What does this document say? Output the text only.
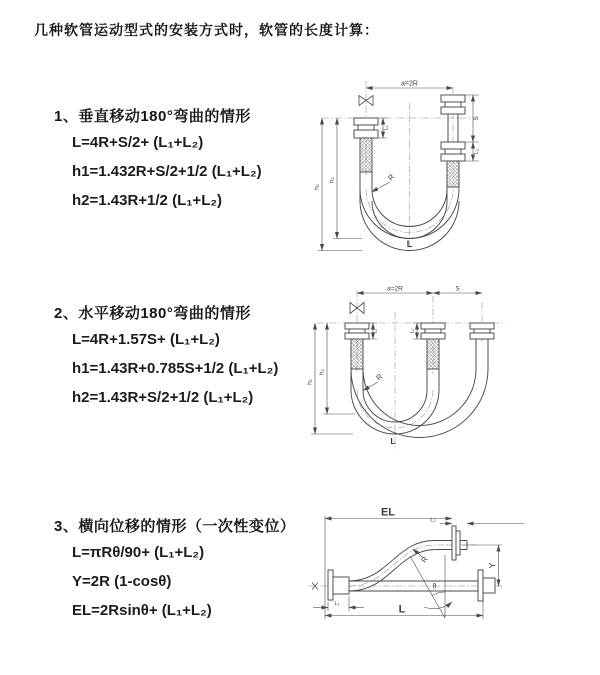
几种软管运动型式的安装方式时，软管的长度计算：
1、垂直移动180°弯曲的情形
L=4R+S/2+ (L₁+L₂)
h1=1.432R+S/2+1/2 (L₁+L₂)
h2=1.43R+1/2 (L₁+L₂)
2、水平移动180°弯曲的情形
L=4R+1.57S+ (L₁+L₂)
h1=1.43R+0.785S+1/2 (L₁+L₂)
h2=1.43R+S/2+1/2 (L₁+L₂)
3、横向位移的情形（一次性变位）
L=πRθ/90+ (L₁+L₂)
Y=2R (1-cosθ)
EL=2Rsinθ+ (L₁+L₂)
a=2R
L₁
S
L₂
h₁
h₂	R
L
a=2R	S
L₁	L₂
h₁
h₂	R
L
EL
L₂
Y
R
θ
L₁	L
